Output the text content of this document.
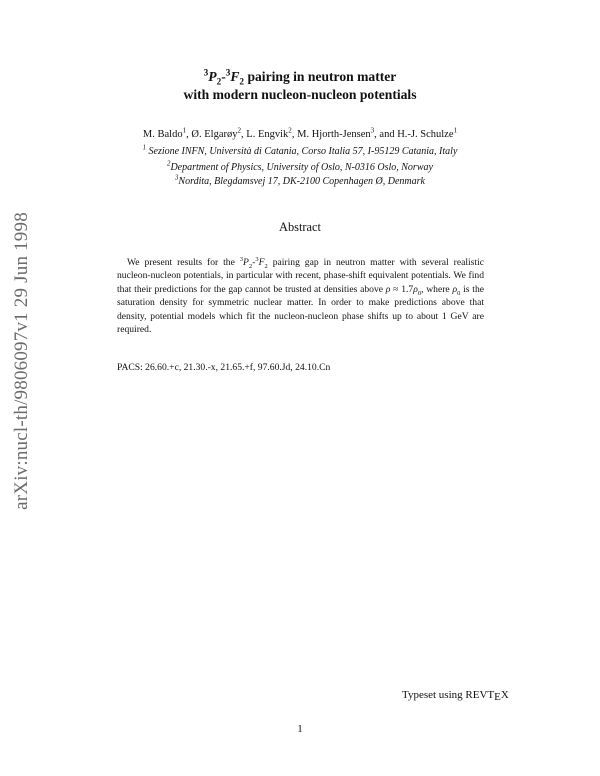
arXiv:nucl-th/9806097v1 29 Jun 1998
$^3P_2-^3F_2$ pairing in neutron matter
with modern nucleon-nucleon potentials
M. Baldo$^1$, Ø. Elgarøy$^2$, L. Engvik$^2$, M. Hjorth-Jensen$^3$, and H.-J. Schulze$^1$
$^1$ Sezione INFN, Università di Catania, Corso Italia 57, I-95129 Catania, Italy
$^2$Department of Physics, University of Oslo, N-0316 Oslo, Norway
$^3$Nordita, Blegdamsvej 17, DK-2100 Copenhagen Ø, Denmark
Abstract

We present results for the $^3P_2-^3F_2$ pairing gap in neutron matter with several realistic nucleon-nucleon potentials, in particular with recent, phase-shift equivalent potentials. We find that their predictions for the gap cannot be trusted at densities above $\rho \approx 1.7\rho_0$, where $\rho_0$ is the saturation density for symmetric nuclear matter. In order to make predictions above that density, potential models which fit the nucleon-nucleon phase shifts up to about 1 GeV are required.

PACS: 26.60.+c, 21.30.-x, 21.65.+f, 97.60.Jd, 24.10.Cn
Typeset using REVTEX
1
